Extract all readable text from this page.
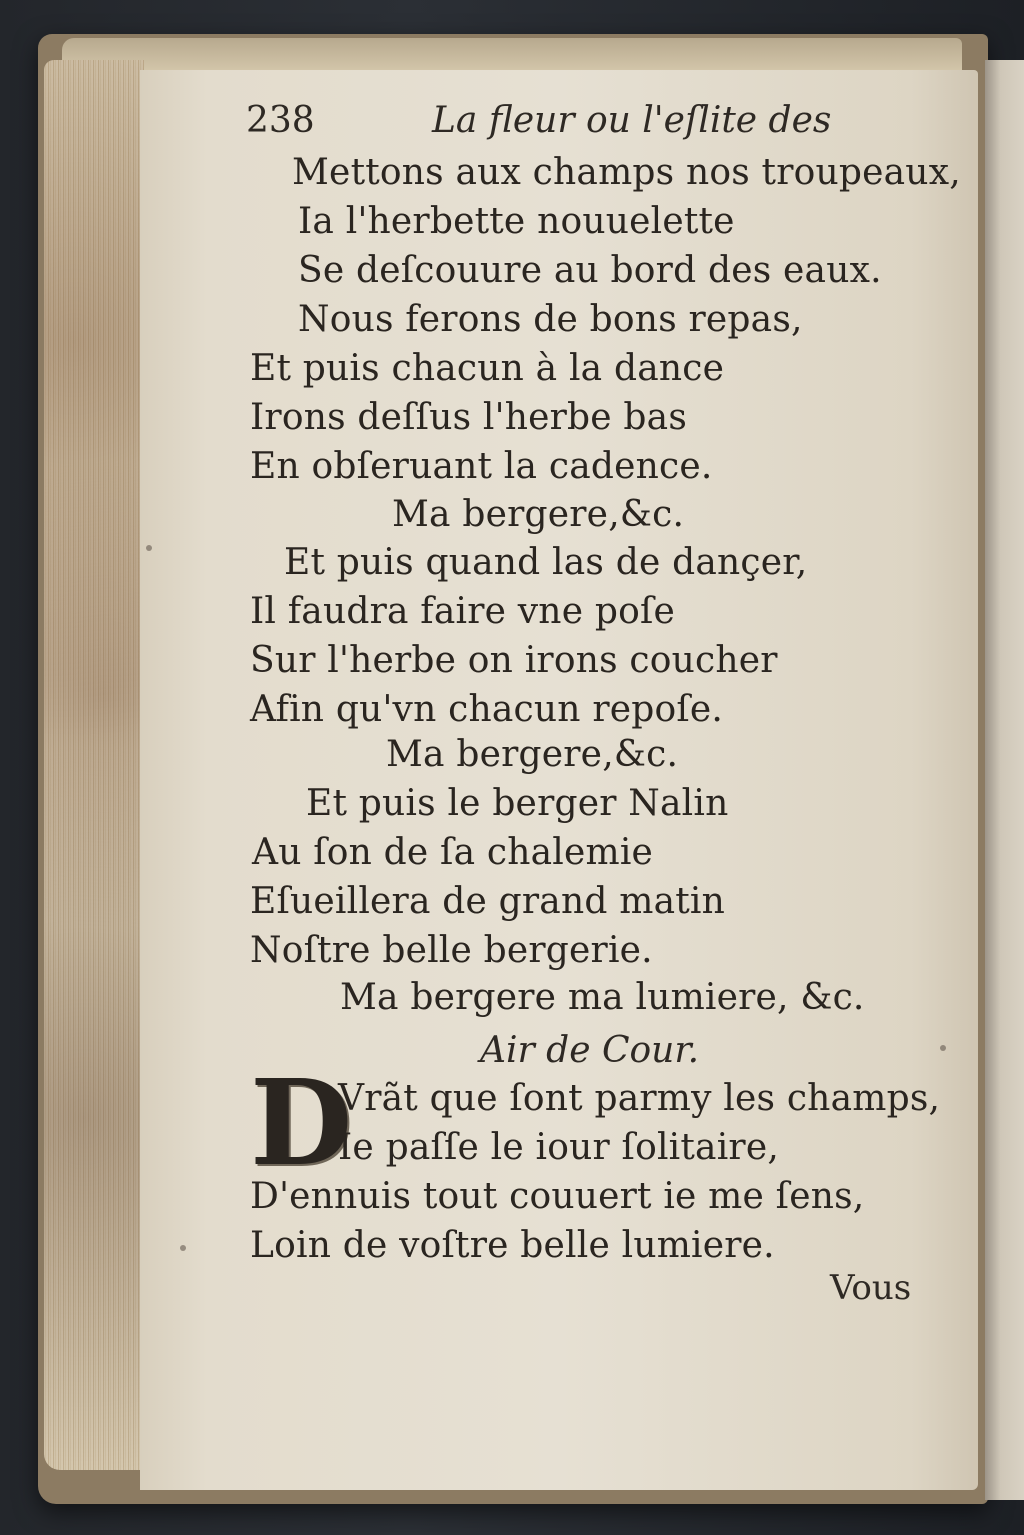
238	La fleur ou l'eſlite des
Mettons aux champs nos troupeaux,
Ia l'herbette nouuelette
Se deſcouure au bord des eaux.
Nous ferons de bons repas,
Et puis chacun à la dance
Irons deſſus l'herbe bas
En obſeruant la cadence.
Ma bergere,&c.
Et puis quand las de dançer,
Il faudra faire vne poſe
Sur l'herbe on irons coucher
Afin qu'vn chacun repoſe.
Ma bergere,&c.
Et puis le berger Nalin
Au ſon de ſa chalemie
Eſueillera de grand matin
Noſtre belle bergerie.
Ma bergere ma lumiere, &c.
Air de Cour.
D
Vrãt que ſont parmy les champs,
Ie paſſe le iour ſolitaire,
D'ennuis tout couuert ie me ſens,
Loin de voſtre belle lumiere.
Vous
